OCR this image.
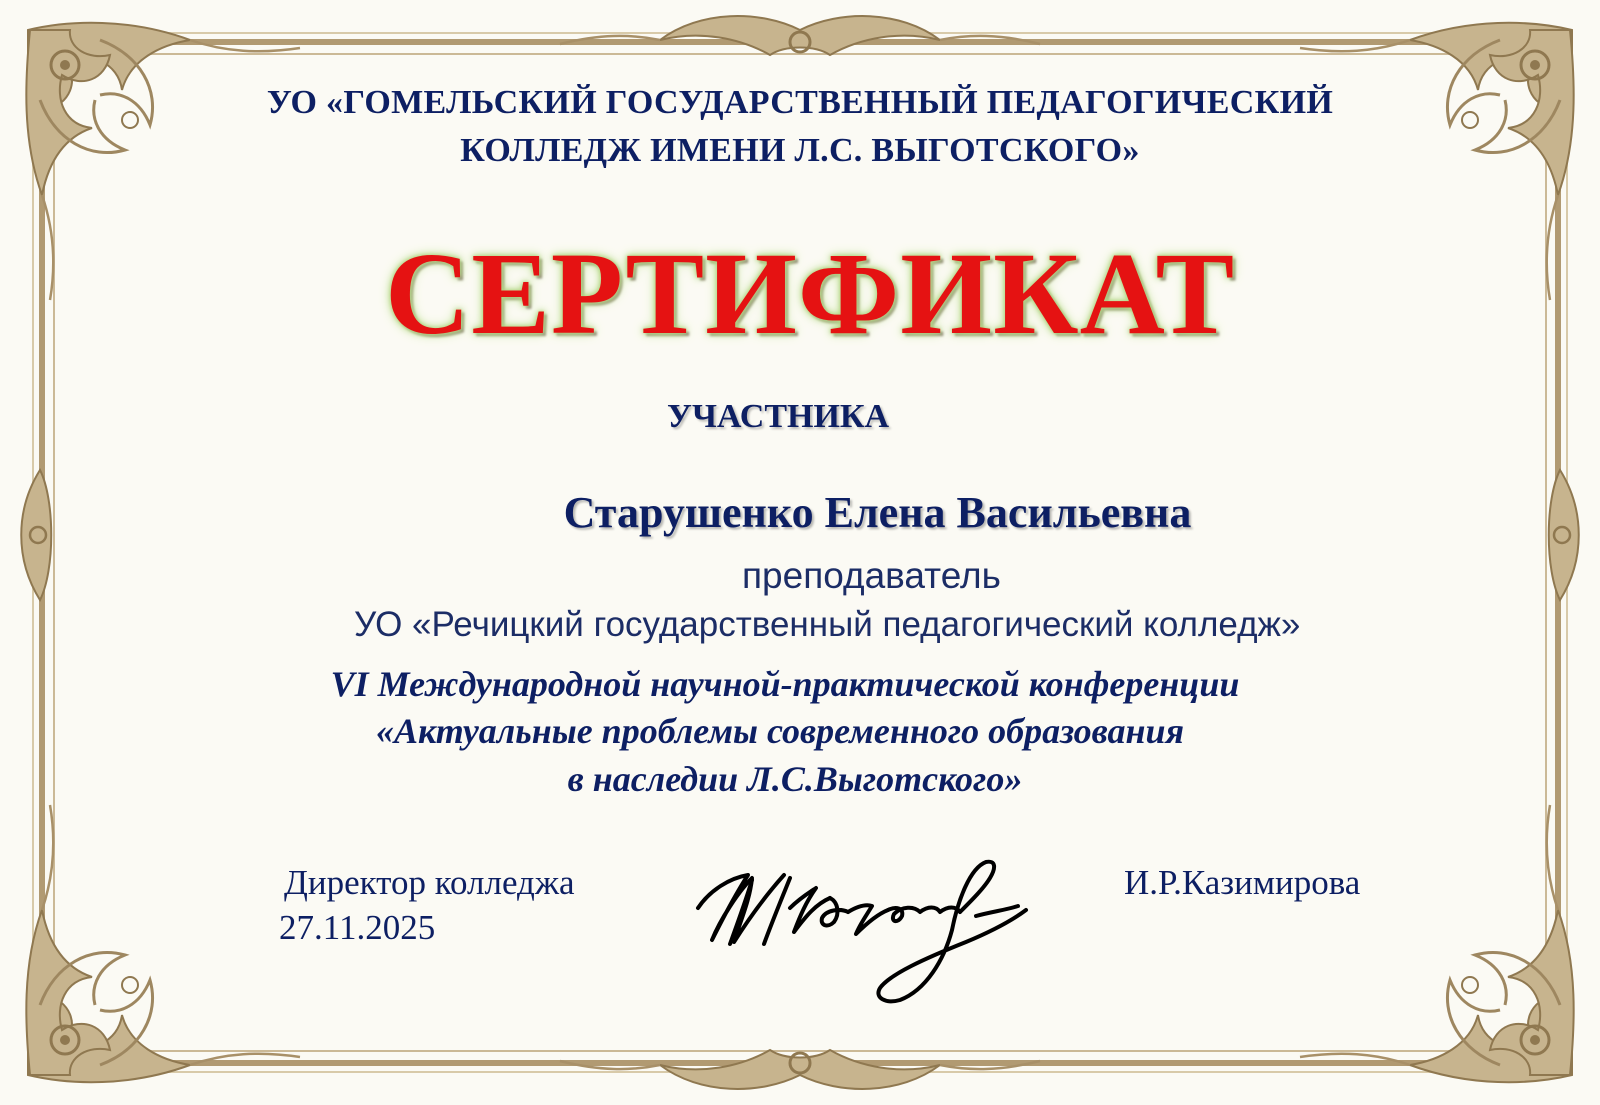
УО «ГОМЕЛЬСКИЙ ГОСУДАРСТВЕННЫЙ ПЕДАГОГИЧЕСКИЙ

КОЛЛЕДЖ ИМЕНИ Л.С. ВЫГОТСКОГО»

СЕРТИФИКАТ

УЧАСТНИКА

Старушенко Елена Васильевна

преподаватель

УО «Речицкий государственный педагогический колледж»

VI Международной научной-практической конференции

«Актуальные проблемы современного образования

в наследии Л.С.Выготского»

Директор колледжа

27.11.2025

И.Р.Казимирова
